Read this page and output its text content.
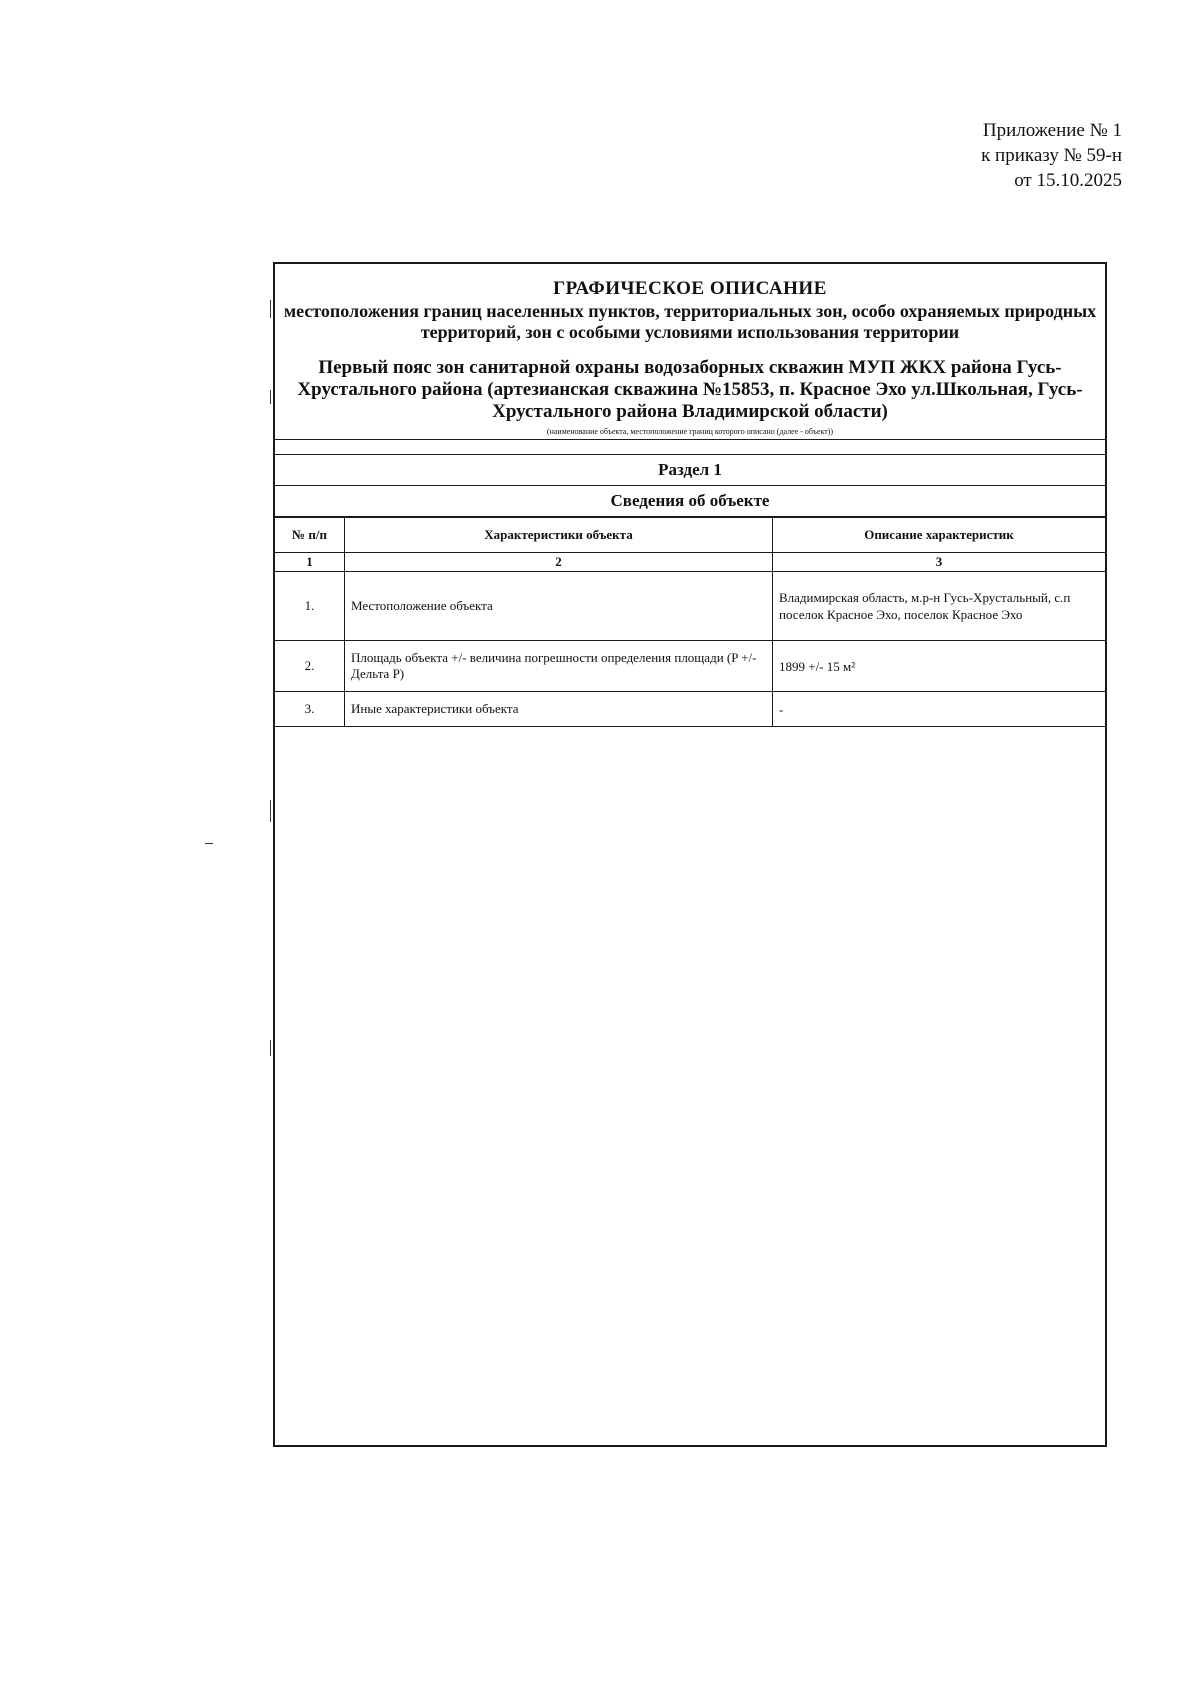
Приложение № 1
к приказу № 59-н
от 15.10.2025
ГРАФИЧЕСКОЕ ОПИСАНИЕ
местоположения границ населенных пунктов, территориальных зон, особо охраняемых природных территорий, зон с особыми условиями использования территории
Первый пояс зон санитарной охраны водозаборных скважин МУП ЖКХ района Гусь-Хрустального района (артезианская скважина №15853, п. Красное Эхо ул.Школьная, Гусь-Хрустального района Владимирской области)
(наименование объекта, местоположение границ которого описано (далее - объект))
Раздел 1
Сведения об объекте
№ п/п	Характеристики объекта	Описание характеристик
1	2	3
1.	Местоположение объекта	Владимирская область, м.р-н Гусь-Хрустальный, с.п поселок Красное Эхо, поселок Красное Эхо
2.	Площадь объекта +/- величина погрешности определения площади (P +/- Дельта P)	1899 +/- 15 м²
3.	Иные характеристики объекта	-
